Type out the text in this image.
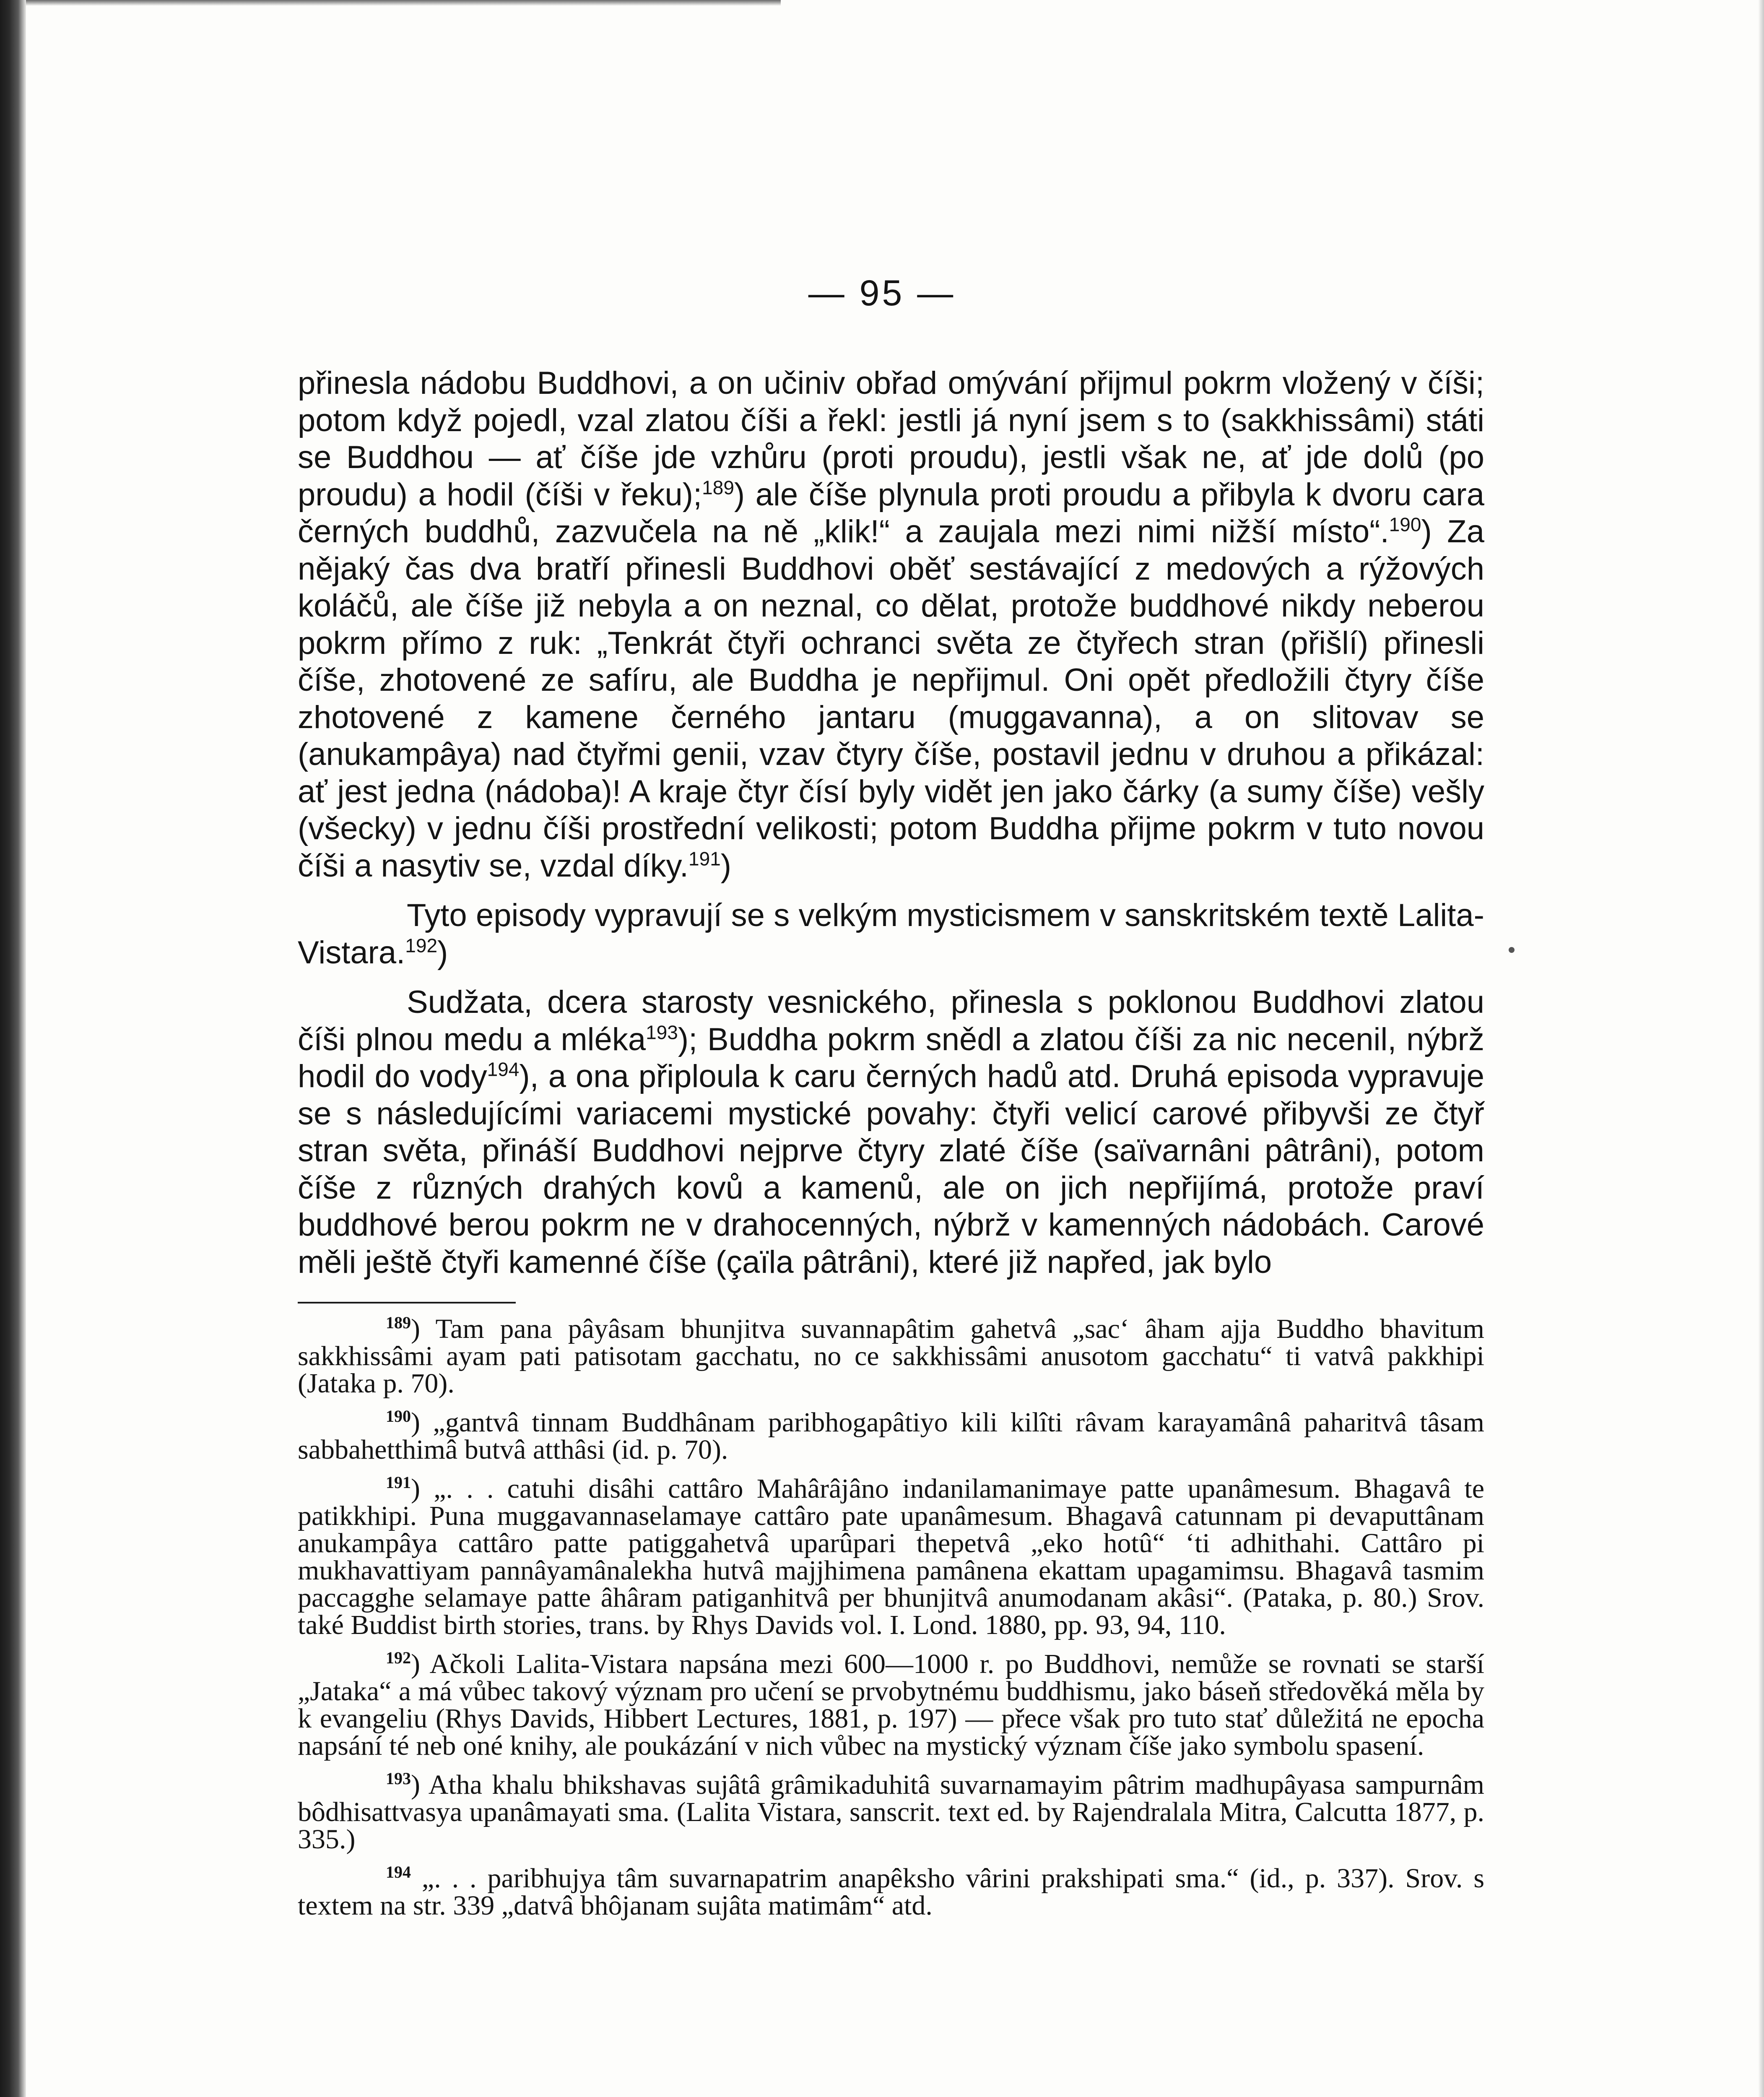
— 95 —

přinesla nádobu Buddhovi, a on učiniv obřad omývání přijmul pokrm vložený v číši; potom když pojedl, vzal zlatou číši a řekl: jestli já nyní jsem s to (sakkhissâmi) státi se Buddhou — ať číše jde vzhůru (proti proudu), jestli však ne, ať jde dolů (po proudu) a hodil (číši v řeku);$^{189}$) ale číše plynula proti proudu a přibyla k dvoru cara černých buddhů, zazvučela na ně „klik!“ a zaujala mezi nimi nižší místo“.$^{190}$) Za nějaký čas dva bratří přinesli Buddhovi oběť sestávající z medových a rýžových koláčů, ale číše již nebyla a on neznal, co dělat, protože buddhové nikdy neberou pokrm přímo z ruk: „Tenkrát čtyři ochranci světa ze čtyřech stran (přišlí) přinesli číše, zhotovené ze safíru, ale Buddha je nepřijmul. Oni opět předložili čtyry číše zhotovené z kamene černého jantaru (muggavanna), a on slitovav se (anukampâya) nad čtyřmi genii, vzav čtyry číše, postavil jednu v druhou a přikázal: ať jest jedna (nádoba)! A kraje čtyr čísí byly vidět jen jako čárky (a sumy číše) vešly (všecky) v jednu číši prostřední velikosti; potom Buddha přijme pokrm v tuto novou číši a nasytiv se, vzdal díky.$^{191}$)

Tyto episody vypravují se s velkým mysticismem v sanskritském textě Lalita-Vistara.$^{192}$)

Sudžata, dcera starosty vesnického, přinesla s poklonou Buddhovi zlatou číši plnou medu a mléka$^{193}$); Buddha pokrm snědl a zlatou číši za nic necenil, nýbrž hodil do vody$^{194}$), a ona připloula k caru černých hadů atd. Druhá episoda vypravuje se s následujícími variacemi mystické povahy: čtyři velicí carové přibyvši ze čtyř stran světa, přináší Buddhovi nejprve čtyry zlaté číše (saïvarnâni pâtrâni), potom číše z různých drahých kovů a kamenů, ale on jich nepřijímá, protože praví buddhové berou pokrm ne v drahocenných, nýbrž v kamenných nádobách. Carové měli ještě čtyři kamenné číše (çaïla pâtrâni), které již napřed, jak bylo

$^{189}$) Tam pana pâyâsam bhunjitva suvannapâtim gahetvâ „sac‘ âham ajja Buddho bhavitum sakkhissâmi ayam pati patisotam gacchatu, no ce sakkhissâmi anusotom gacchatu“ ti vatvâ pakkhipi (Jataka p. 70).

$^{190}$) „gantvâ tinnam Buddhânam paribhogapâtiyo kili kilîti râvam karayamânâ paharitvâ tâsam sabbahetthimâ butvâ atthâsi (id. p. 70).

$^{191}$) „. . . catuhi disâhi cattâro Mahârâjâno indanilamanimaye patte upanâmesum. Bhagavâ te patikkhipi. Puna muggavannaselamaye cattâro pate upanâmesum. Bhagavâ catunnam pi devaputtânam anukampâya cattâro patte patiggahetvâ uparûpari thepetvâ „eko hotû“ ‘ti adhithahi. Cattâro pi mukhavattiyam pannâyamânalekha hutvâ majjhimena pamânena ekattam upagamimsu. Bhagavâ tasmim paccagghe selamaye patte âhâram patiganhitvâ per bhunjitvâ anumodanam akâsi“. (Pataka, p. 80.) Srov. také Buddist birth stories, trans. by Rhys Davids vol. I. Lond. 1880, pp. 93, 94, 110.

$^{192}$) Ačkoli Lalita-Vistara napsána mezi 600—1000 r. po Buddhovi, nemůže se rovnati se starší „Jataka“ a má vůbec takový význam pro učení se prvobytnému buddhismu, jako báseň středověká měla by k evangeliu (Rhys Davids, Hibbert Lectures, 1881, p. 197) — přece však pro tuto stať důležitá ne epocha napsání té neb oné knihy, ale poukázání v nich vůbec na mystický význam číše jako symbolu spasení.

$^{193}$) Atha khalu bhikshavas sujâtâ grâmikaduhitâ suvarnamayim pâtrim madhupâyasa sampurnâm bôdhisattvasya upanâmayati sma. (Lalita Vistara, sanscrit. text ed. by Rajendralala Mitra, Calcutta 1877, p. 335.)

$^{194}$ „. . . paribhujya tâm suvarnapatrim anapêksho vârini prakshipati sma.“ (id., p. 337). Srov. s textem na str. 339 „datvâ bhôjanam sujâta matimâm“ atd.
